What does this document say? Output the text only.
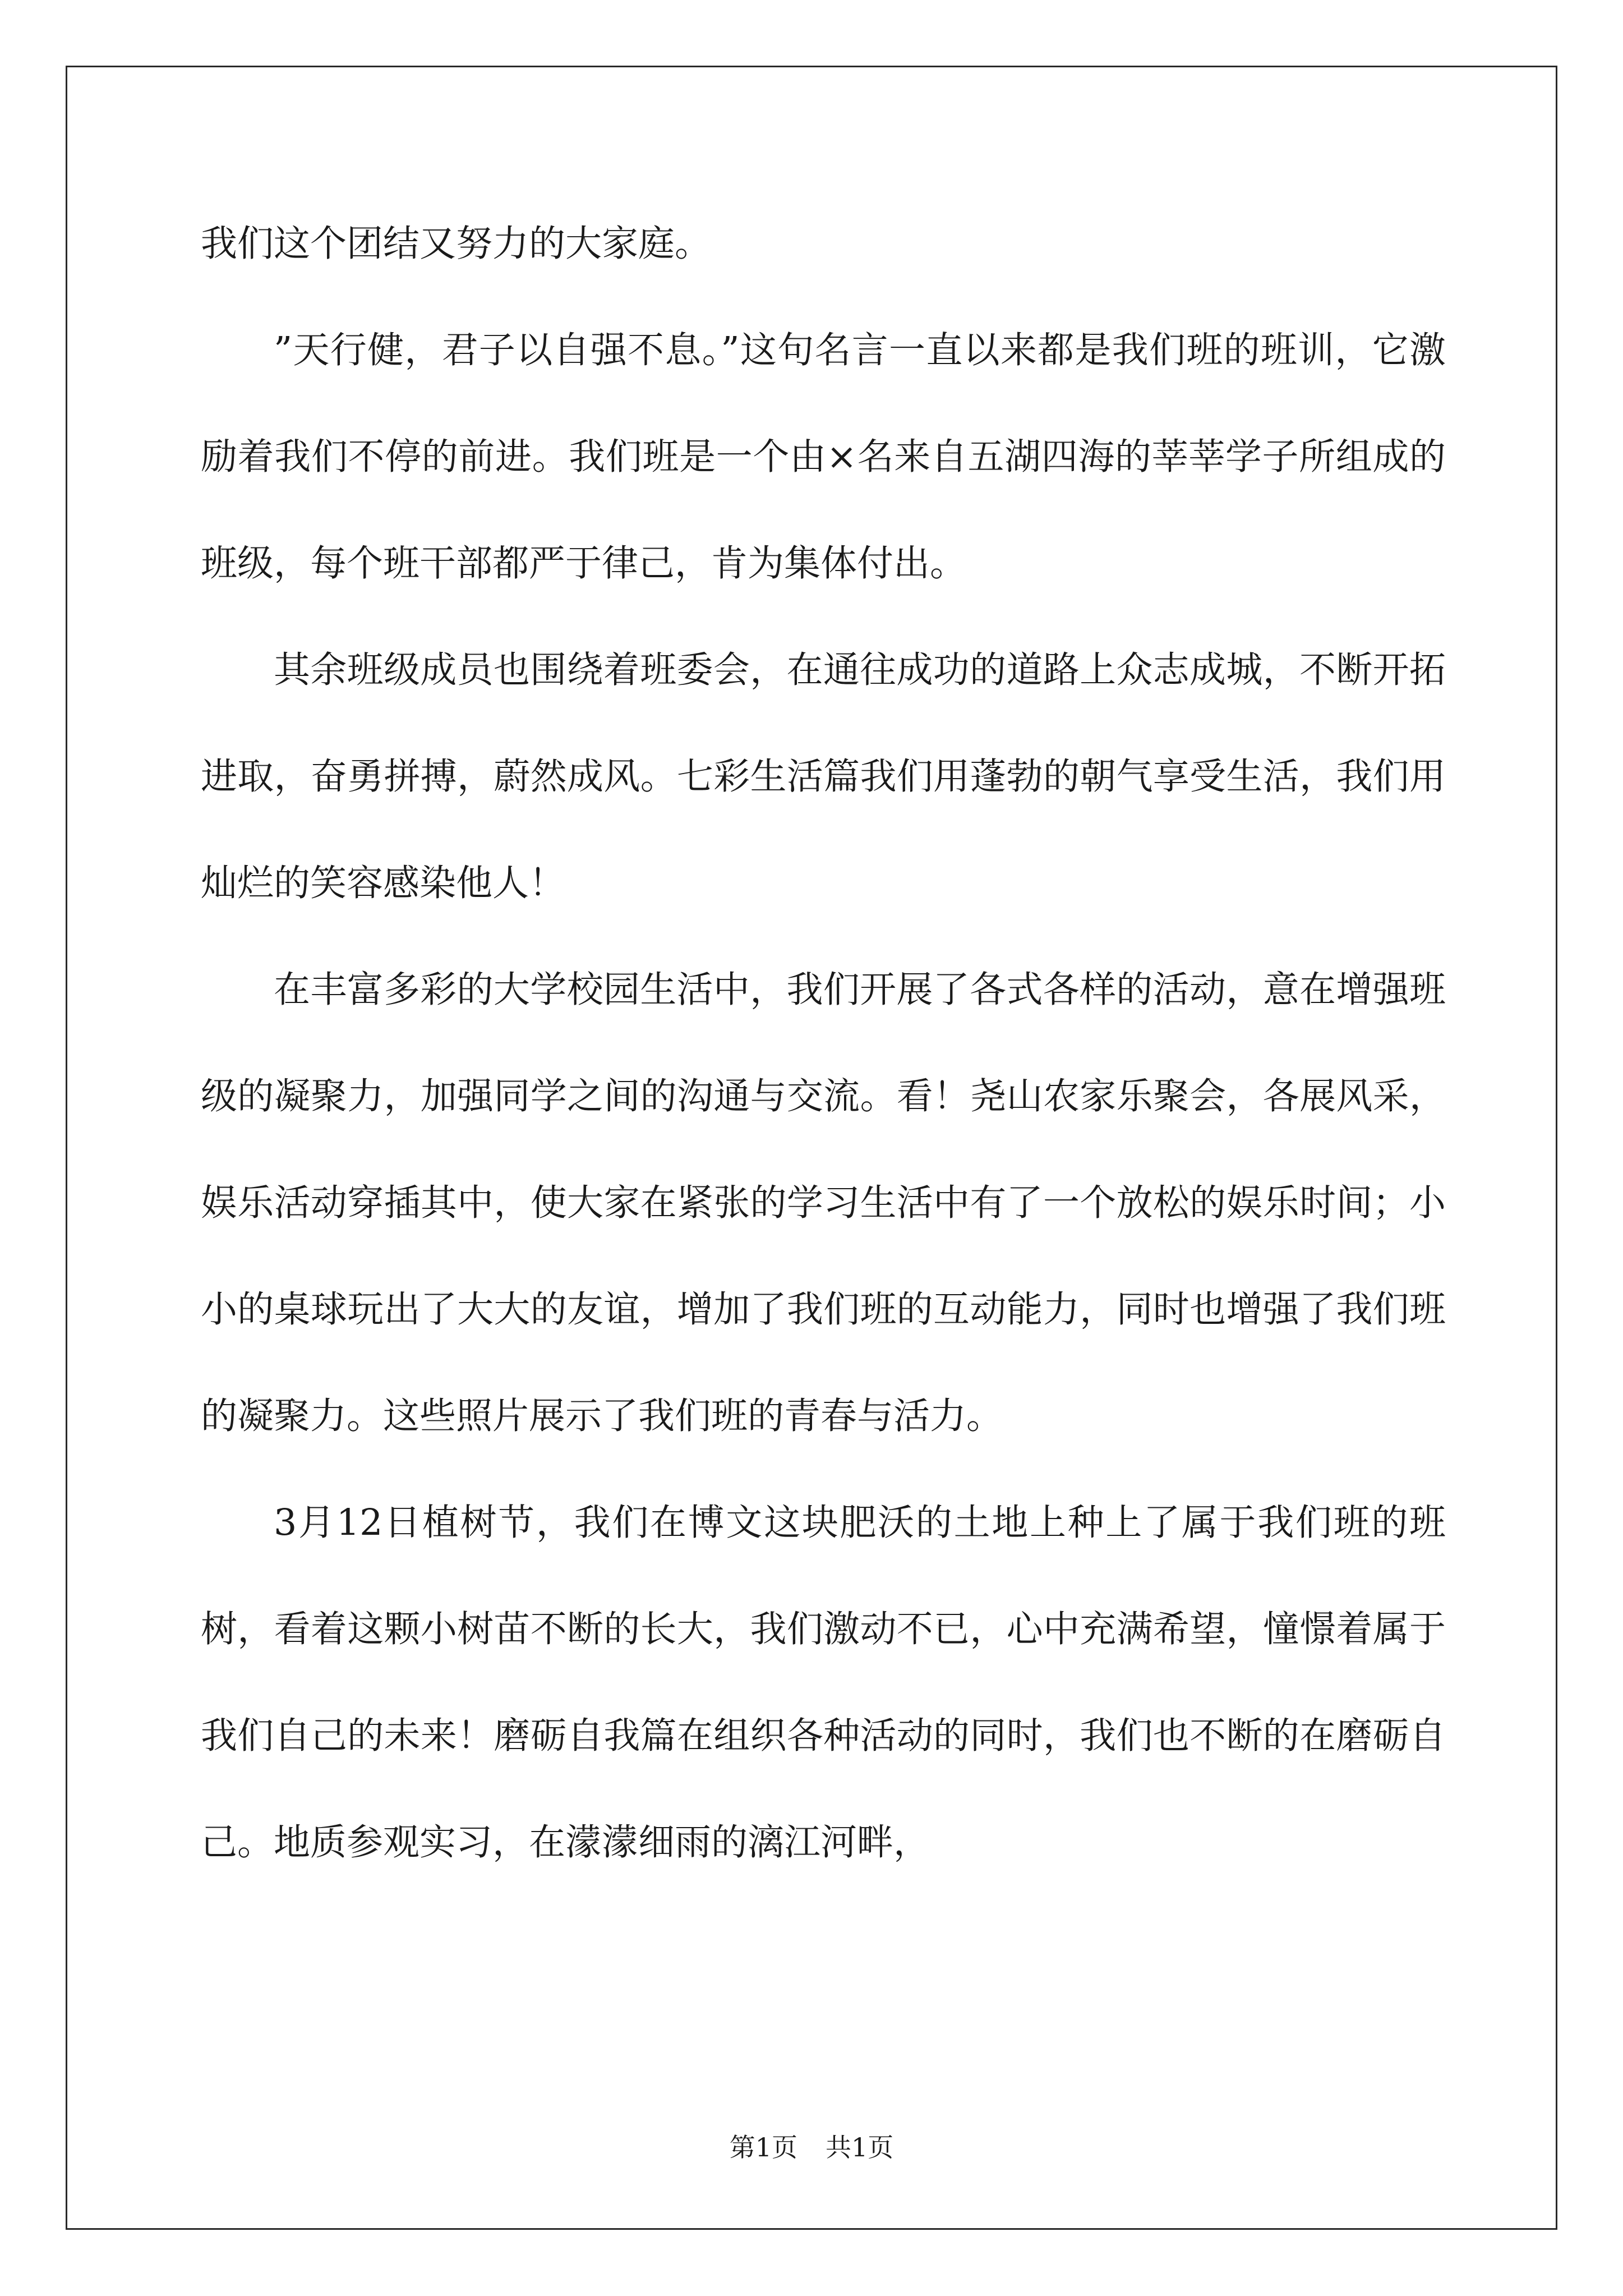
我们这个团结又努力的大家庭。

”天行健，君子以自强不息。”这句名言一直以来都是我们班的班训，它激励着我们不停的前进。我们班是一个由×名来自五湖四海的莘莘学子所组成的班级，每个班干部都严于律己，肯为集体付出。

其余班级成员也围绕着班委会，在通往成功的道路上众志成城，不断开拓进取，奋勇拼搏，蔚然成风。七彩生活篇我们用蓬勃的朝气享受生活，我们用灿烂的笑容感染他人！

在丰富多彩的大学校园生活中，我们开展了各式各样的活动，意在增强班级的凝聚力，加强同学之间的沟通与交流。看！尧山农家乐聚会，各展风采，娱乐活动穿插其中，使大家在紧张的学习生活中有了一个放松的娱乐时间；小小的桌球玩出了大大的友谊，增加了我们班的互动能力，同时也增强了我们班的凝聚力。这些照片展示了我们班的青春与活力。

3月12日植树节，我们在博文这块肥沃的土地上种上了属于我们班的班树，看着这颗小树苗不断的长大，我们激动不已，心中充满希望，憧憬着属于我们自己的未来！磨砺自我篇在组织各种活动的同时，我们也不断的在磨砺自己。地质参观实习，在濛濛细雨的漓江河畔，

第1页 共1页
